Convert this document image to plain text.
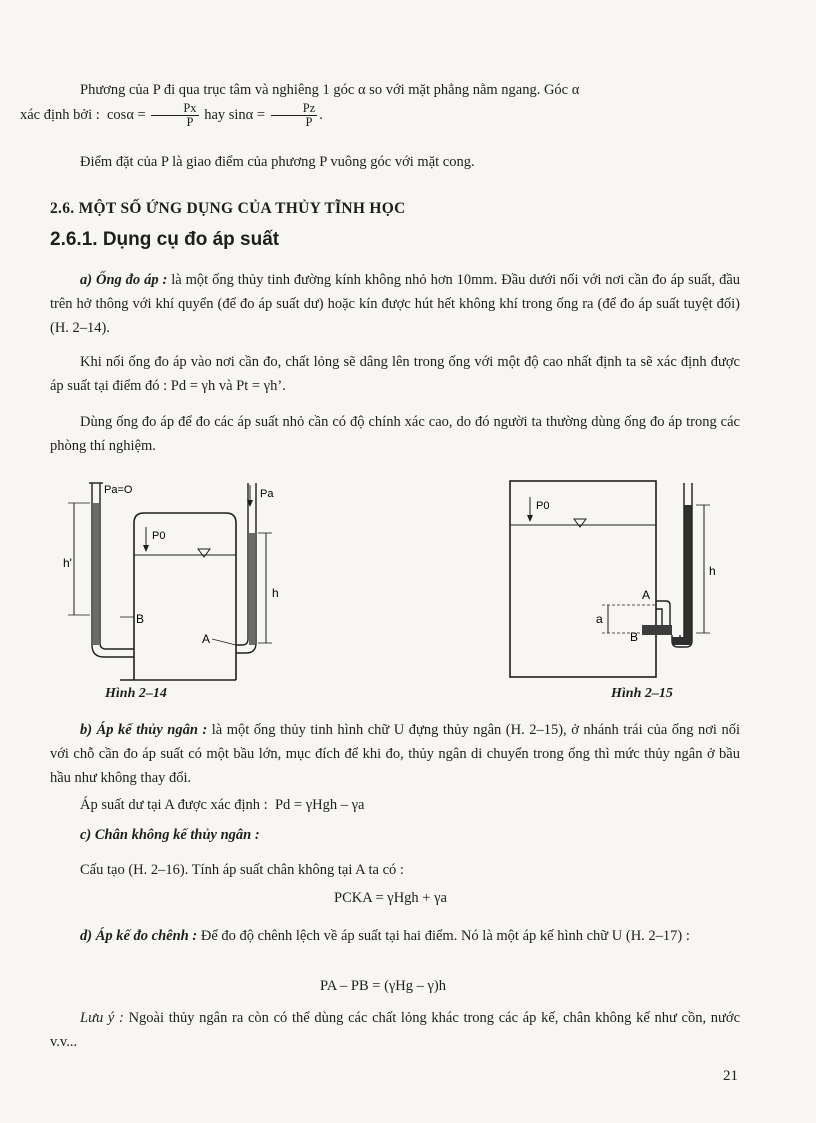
Phương của P đi qua trục tâm và nghiêng 1 góc α so với mặt phẳng nằm ngang. Góc α
xác định bởi : $\cos\alpha = \frac{Px}{P}$ hay $\sin\alpha = \frac{Pz}{P}$ .

Điểm đặt của P là giao điểm của phương P vuông góc với mặt cong.

2.6. MỘT SỐ ỨNG DỤNG CỦA THỦY TĨNH HỌC
2.6.1. Dụng cụ đo áp suất

a) Ống đo áp : là một ống thủy tinh đường kính không nhỏ hơn 10mm. Đầu dưới nối với nơi cần đo áp suất, đầu trên hở thông với khí quyển (để đo áp suất dư) hoặc kín được hút hết không khí trong ống ra (để đo áp suất tuyệt đối) (H. 2–14).

Khi nối ống đo áp vào nơi cần đo, chất lỏng sẽ dâng lên trong ống với một độ cao nhất định ta sẽ xác định được áp suất tại điểm đó : Pd = γh và Pt = γh’.

Dùng ống đo áp để đo các áp suất nhỏ cần có độ chính xác cao, do đó người ta thường dùng ống đo áp trong các phòng thí nghiệm.

Pa=O	Pa
P0
h'
h
B
A
P0
h
A
B
a
Hình 2–14	Hình 2–15

b) Áp kế thủy ngân : là một ống thủy tinh hình chữ U đựng thủy ngân (H. 2–15), ở nhánh trái của ống nơi nối với chỗ cần đo áp suất có một bầu lớn, mục đích để khi đo, thủy ngân di chuyển trong ống thì mức thủy ngân ở bầu hầu như không thay đổi.

Áp suất dư tại A được xác định : Pd = γHgh – γa

c) Chân không kế thủy ngân :

Cấu tạo (H. 2–16). Tính áp suất chân không tại A ta có :

PCKA = γHgh + γa

d) Áp kế đo chênh : Để đo độ chênh lệch về áp suất tại hai điểm. Nó là một áp kế hình chữ U (H. 2–17) :

PA – PB = (γHg – γ)h

Lưu ý : Ngoài thủy ngân ra còn có thể dùng các chất lỏng khác trong các áp kế, chân không kế như cồn, nước v.v...

21
